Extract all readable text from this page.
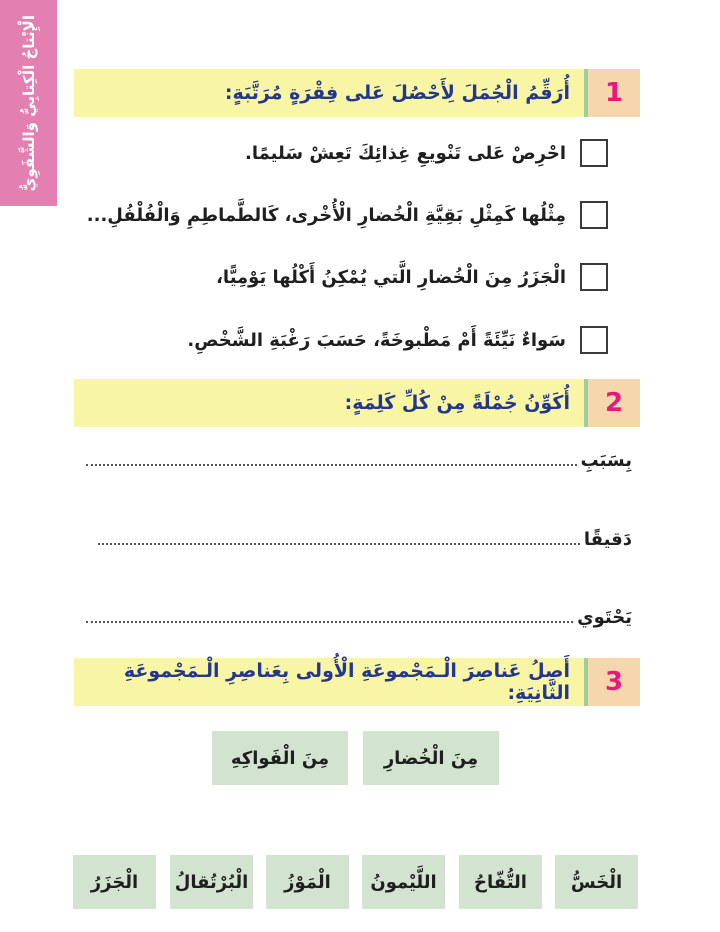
الْإِنْتاجُ الْكِتابِيُّ وَالشَّفَوِيُّ	1
أُرَقِّمُ الْجُمَلَ لِأَحْصُلَ عَلى فِقْرَةٍ مُرَتَّبَةٍ:
احْرِصْ عَلى تَنْويعِ غِذائِكَ تَعِشْ سَليمًا.
مِثْلُها كَمِثْلِ بَقِيَّةِ الْخُضارِ الْأُخْرى، كَالطَّماطِمِ وَالْفُلْفُلِ...
الْجَزَرُ مِنَ الْخُضارِ الَّتي يُمْكِنُ أَكْلُها يَوْمِيًّا،
سَواءٌ نَيِّئَةً أَمْ مَطْبوخَةً، حَسَبَ رَغْبَةِ الشَّخْصِ.
2
أُكَوِّنُ جُمْلَةً مِنْ كُلِّ كَلِمَةٍ:
بِسَبَبِ
دَقيقًا
يَحْتَوي
3
أَصِلُ عَناصِرَ الْـمَجْموعَةِ الْأُولى بِعَناصِرِ الْـمَجْموعَةِ الثّانِيَةِ:
مِنَ الْخُضارِ
مِنَ الْفَواكِهِ
الْخَسُّ
التُّفّاحُ
اللَّيْمونُ
الْمَوْزُ
الْبُرْتُقالُ
الْجَزَرُ
